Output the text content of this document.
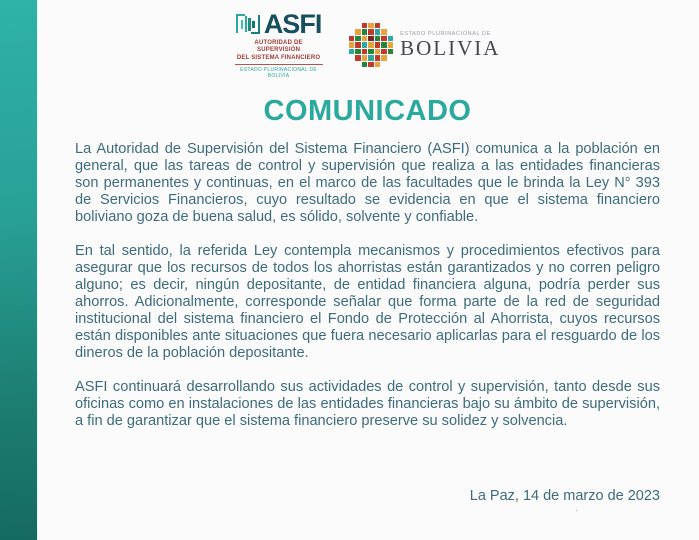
ASFI
AUTORIDAD DE SUPERVISIÓN
DEL SISTEMA FINANCIERO
ESTADO PLURINACIONAL DE BOLIVIA
ESTADO PLURINACIONAL DE
BOLIVIA
COMUNICADO

La Autoridad de Supervisión del Sistema Financiero (ASFI) comunica a la población en general, que las tareas de control y supervisión que realiza a las entidades financieras son permanentes y continuas, en el marco de las facultades que le brinda la Ley N° 393 de Servicios Financieros, cuyo resultado se evidencia en que el sistema financiero boliviano goza de buena salud, es sólido, solvente y confiable.

En tal sentido, la referida Ley contempla mecanismos y procedimientos efectivos para asegurar que los recursos de todos los ahorristas están garantizados y no corren peligro alguno; es decir, ningún depositante, de entidad financiera alguna, podría perder sus ahorros. Adicionalmente, corresponde señalar que forma parte de la red de seguridad institucional del sistema financiero el Fondo de Protección al Ahorrista, cuyos recursos están disponibles ante situaciones que fuera necesario aplicarlas para el resguardo de los dineros de la población depositante.

ASFI continuará desarrollando sus actividades de control y supervisión, tanto desde sus oficinas como en instalaciones de las entidades financieras bajo su ámbito de supervisión, a fin de garantizar que el sistema financiero preserve su solidez y solvencia.

La Paz, 14 de marzo de 2023
.
